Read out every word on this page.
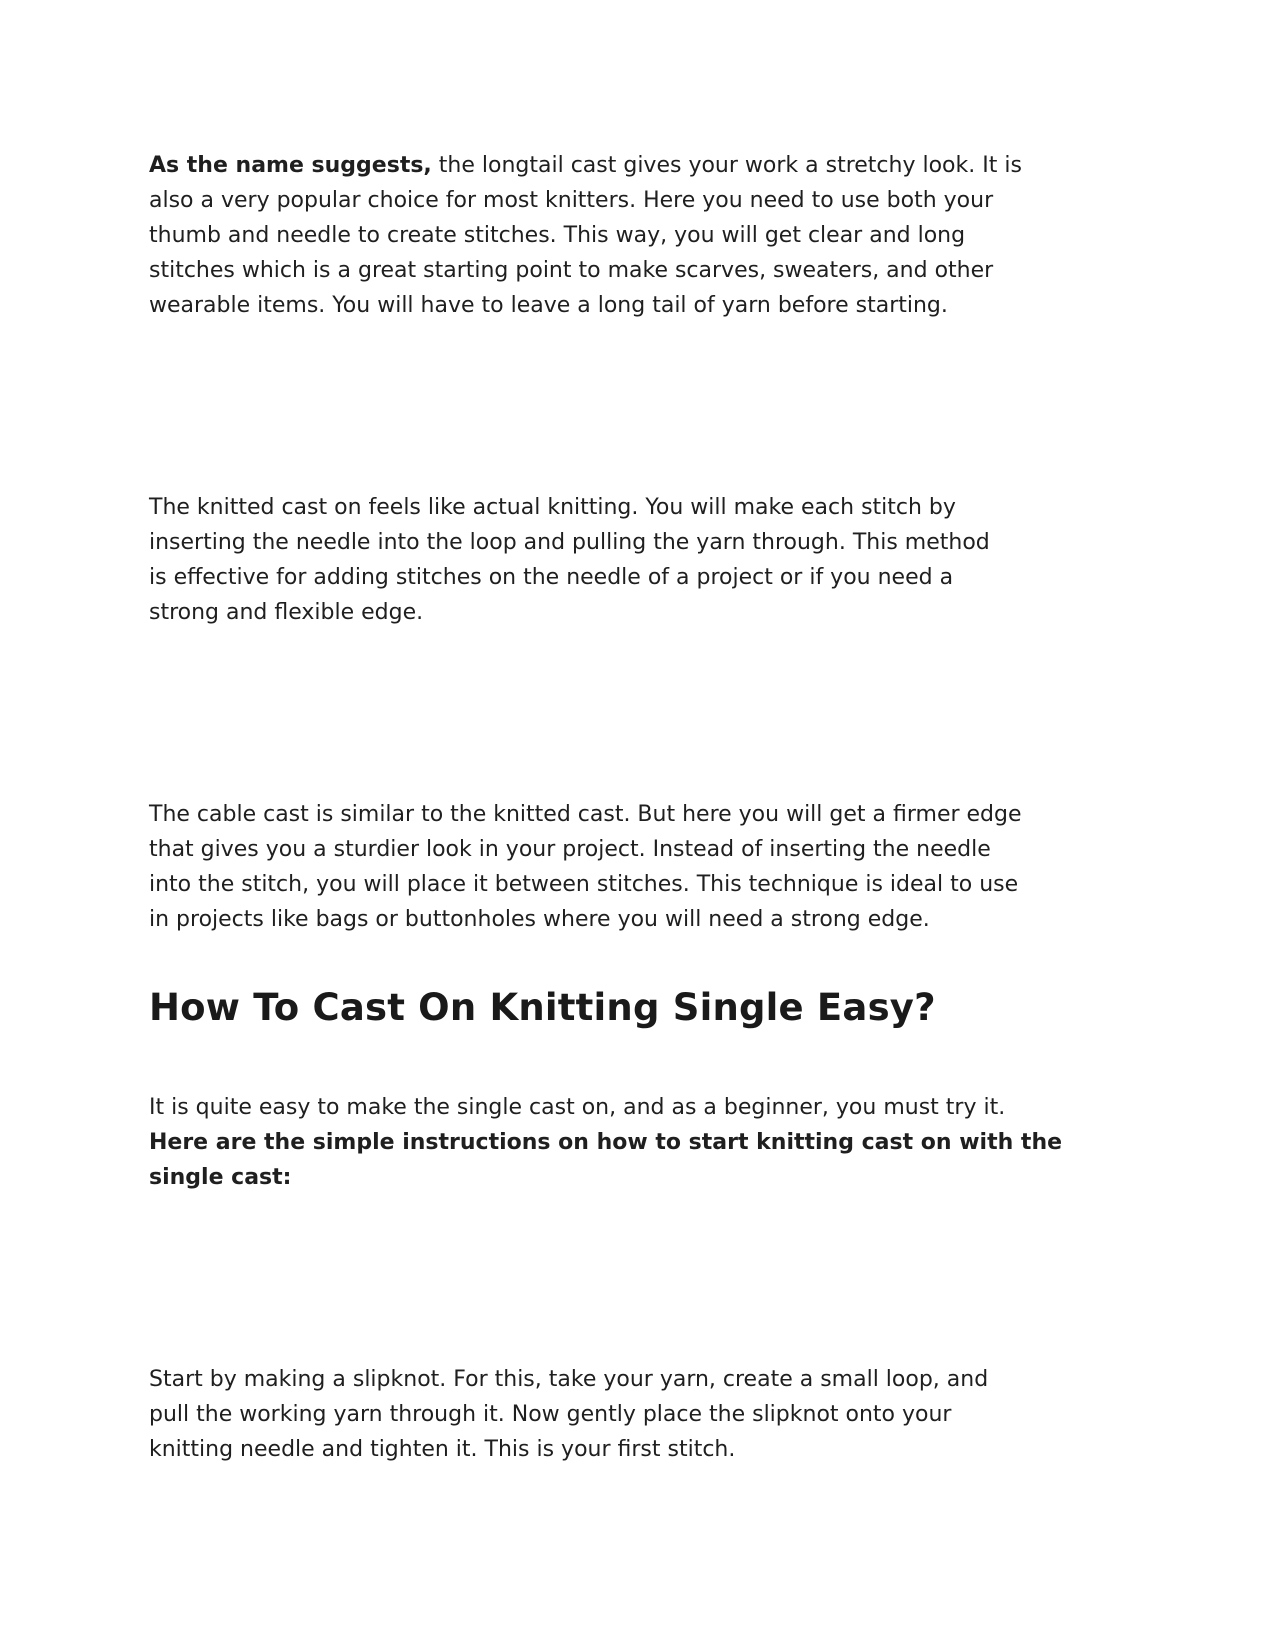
As the name suggests, the longtail cast gives your work a stretchy look. It is
also a very popular choice for most knitters. Here you need to use both your
thumb and needle to create stitches. This way, you will get clear and long
stitches which is a great starting point to make scarves, sweaters, and other
wearable items. You will have to leave a long tail of yarn before starting.

The knitted cast on feels like actual knitting. You will make each stitch by
inserting the needle into the loop and pulling the yarn through. This method
is effective for adding stitches on the needle of a project or if you need a
strong and flexible edge.

The cable cast is similar to the knitted cast. But here you will get a firmer edge
that gives you a sturdier look in your project. Instead of inserting the needle
into the stitch, you will place it between stitches. This technique is ideal to use
in projects like bags or buttonholes where you will need a strong edge.

How To Cast On Knitting Single Easy?

It is quite easy to make the single cast on, and as a beginner, you must try it.
Here are the simple instructions on how to start knitting cast on with the
single cast:

Start by making a slipknot. For this, take your yarn, create a small loop, and
pull the working yarn through it. Now gently place the slipknot onto your
knitting needle and tighten it. This is your first stitch.
